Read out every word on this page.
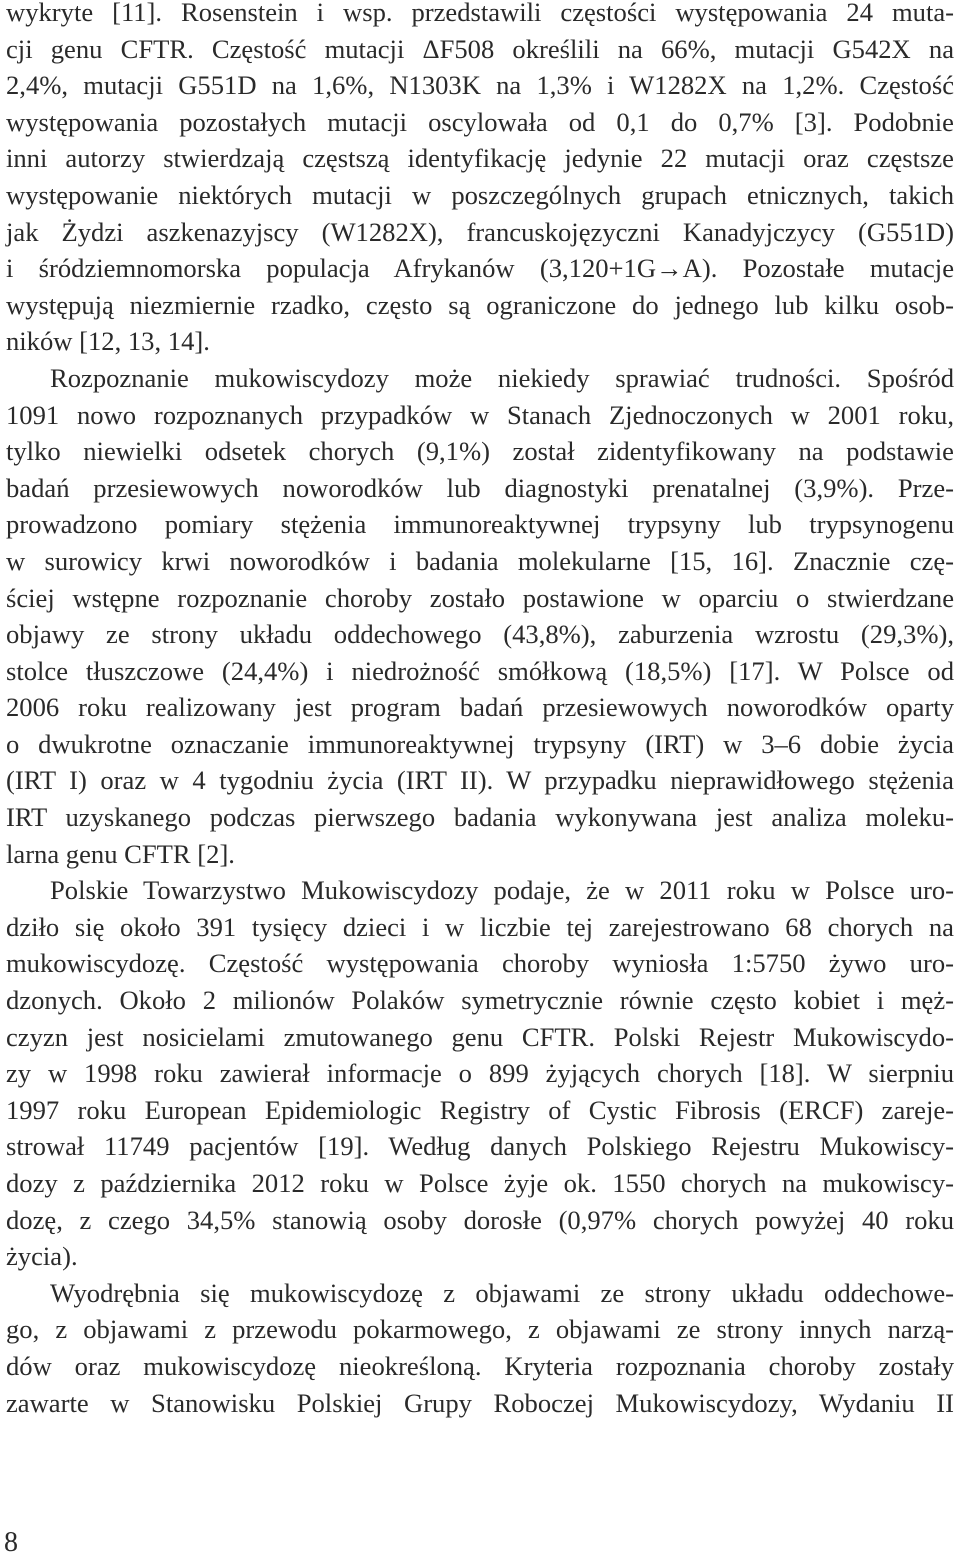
wykryte [11]. Rosenstein i wsp. przedstawili częstości występowania 24 muta-
cji genu CFTR. Częstość mutacji ΔF508 określili na 66%, mutacji G542X na
2,4%, mutacji G551D na 1,6%, N1303K na 1,3% i W1282X na 1,2%. Częstość
występowania pozostałych mutacji oscylowała od 0,1 do 0,7% [3]. Podobnie
inni autorzy stwierdzają częstszą identyfikację jedynie 22 mutacji oraz częstsze
występowanie niektórych mutacji w poszczególnych grupach etnicznych, takich
jak Żydzi aszkenazyjscy (W1282X), francuskojęzyczni Kanadyjczycy (G551D)
i śródziemnomorska populacja Afrykanów (3,120+1G→A). Pozostałe mutacje
występują niezmiernie rzadko, często są ograniczone do jednego lub kilku osob-
ników [12, 13, 14].
Rozpoznanie mukowiscydozy może niekiedy sprawiać trudności. Spośród
1091 nowo rozpoznanych przypadków w Stanach Zjednoczonych w 2001 roku,
tylko niewielki odsetek chorych (9,1%) został zidentyfikowany na podstawie
badań przesiewowych noworodków lub diagnostyki prenatalnej (3,9%). Prze-
prowadzono pomiary stężenia immunoreaktywnej trypsyny lub trypsynogenu
w surowicy krwi noworodków i badania molekularne [15, 16]. Znacznie czę-
ściej wstępne rozpoznanie choroby zostało postawione w oparciu o stwierdzane
objawy ze strony układu oddechowego (43,8%), zaburzenia wzrostu (29,3%),
stolce tłuszczowe (24,4%) i niedrożność smółkową (18,5%) [17]. W Polsce od
2006 roku realizowany jest program badań przesiewowych noworodków oparty
o dwukrotne oznaczanie immunoreaktywnej trypsyny (IRT) w 3–6 dobie życia
(IRT I) oraz w 4 tygodniu życia (IRT II). W przypadku nieprawidłowego stężenia
IRT uzyskanego podczas pierwszego badania wykonywana jest analiza moleku-
larna genu CFTR [2].
Polskie Towarzystwo Mukowiscydozy podaje, że w 2011 roku w Polsce uro-
dziło się około 391 tysięcy dzieci i w liczbie tej zarejestrowano 68 chorych na
mukowiscydozę. Częstość występowania choroby wyniosła 1:5750 żywo uro-
dzonych. Około 2 milionów Polaków symetrycznie równie często kobiet i męż-
czyzn jest nosicielami zmutowanego genu CFTR. Polski Rejestr Mukowiscydo-
zy w 1998 roku zawierał informacje o 899 żyjących chorych [18]. W sierpniu
1997 roku European Epidemiologic Registry of Cystic Fibrosis (ERCF) zareje-
strował 11749 pacjentów [19]. Według danych Polskiego Rejestru Mukowiscy-
dozy z października 2012 roku w Polsce żyje ok. 1550 chorych na mukowiscy-
dozę, z czego 34,5% stanowią osoby dorosłe (0,97% chorych powyżej 40 roku
życia).
Wyodrębnia się mukowiscydozę z objawami ze strony układu oddechowe-
go, z objawami z przewodu pokarmowego, z objawami ze strony innych narzą-
dów oraz mukowiscydozę nieokreśloną. Kryteria rozpoznania choroby zostały
zawarte w Stanowisku Polskiej Grupy Roboczej Mukowiscydozy, Wydaniu II
8
